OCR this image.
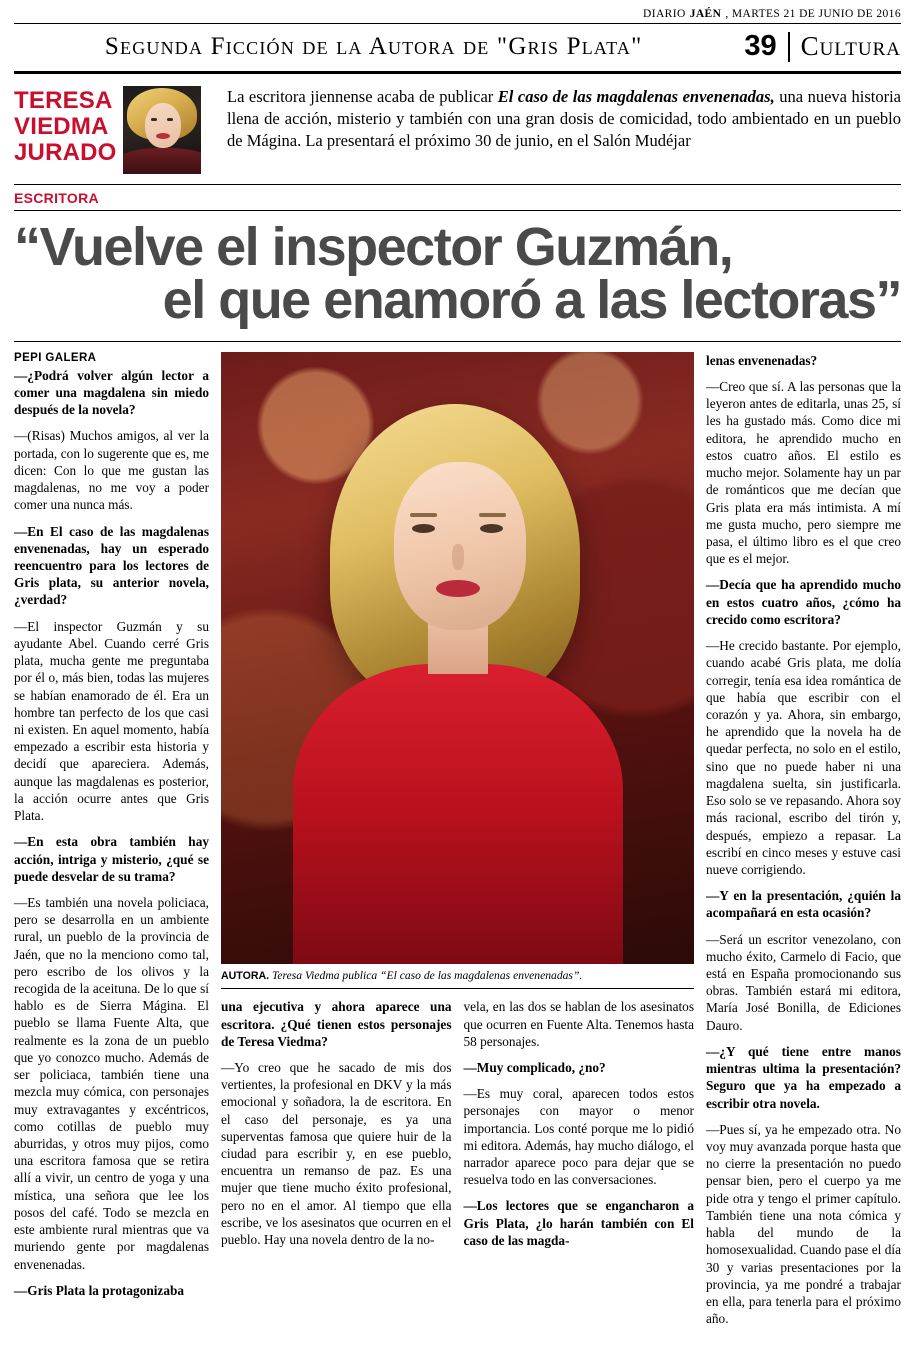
DIARIO JAÉN , MARTES 21 DE JUNIO DE 2016
Segunda Ficción de la Autora de "Gris Plata"	39 Cultura
TERESA
VIEDMA
JURADO

La escritora jiennense acaba de publicar El caso de las magdalenas envenenadas, una nueva historia llena de acción, misterio y también con una gran dosis de comicidad, todo ambientado en un pueblo de Mágina. La presentará el próximo 30 de junio, en el Salón Mudéjar

ESCRITORA
“Vuelve el inspector Guzmán,
el que enamoró a las lectoras”
PEPI GALERA

—¿Podrá volver algún lector a comer una magdalena sin miedo después de la novela?

—(Risas) Muchos amigos, al ver la portada, con lo sugerente que es, me dicen: Con lo que me gustan las magdalenas, no me voy a poder comer una nunca más.

—En El caso de las magdalenas envenenadas, hay un esperado reencuentro para los lectores de Gris plata, su anterior novela, ¿verdad?

—El inspector Guzmán y su ayudante Abel. Cuando cerré Gris plata, mucha gente me preguntaba por él o, más bien, todas las mujeres se habían enamorado de él. Era un hombre tan perfecto de los que casi ni existen. En aquel momento, había empezado a escribir esta historia y decidí que apareciera. Además, aunque las magdalenas es posterior, la acción ocurre antes que Gris Plata.

—En esta obra también hay acción, intriga y misterio, ¿qué se puede desvelar de su trama?

—Es también una novela policiaca, pero se desarrolla en un ambiente rural, un pueblo de la provincia de Jaén, que no la menciono como tal, pero escribo de los olivos y la recogida de la aceituna. De lo que sí hablo es de Sierra Mágina. El pueblo se llama Fuente Alta, que realmente es la zona de un pueblo que yo conozco mucho. Además de ser policiaca, también tiene una mezcla muy cómica, con personajes muy extravagantes y excéntricos, como cotillas de pueblo muy aburridas, y otros muy pijos, como una escritora famosa que se retira allí a vivir, un centro de yoga y una mística, una señora que lee los posos del café. Todo se mezcla en este ambiente rural mientras que va muriendo gente por magdalenas envenenadas.

—Gris Plata la protagonizaba

AUTORA. Teresa Viedma publica “El caso de las magdalenas envenenadas”.

una ejecutiva y ahora aparece una escritora. ¿Qué tienen estos personajes de Teresa Viedma?

—Yo creo que he sacado de mis dos vertientes, la profesional en DKV y la más emocional y soñadora, la de escritora. En el caso del personaje, es ya una superventas famosa que quiere huir de la ciudad para escribir y, en ese pueblo, encuentra un remanso de paz. Es una mujer que tiene mucho éxito profesional, pero no en el amor. Al tiempo que ella escribe, ve los asesinatos que ocurren en el pueblo. Hay una novela dentro de la no-

vela, en las dos se hablan de los asesinatos que ocurren en Fuente Alta. Tenemos hasta 58 personajes.

—Muy complicado, ¿no?

—Es muy coral, aparecen todos estos personajes con mayor o menor importancia. Los conté porque me lo pidió mi editora. Además, hay mucho diálogo, el narrador aparece poco para dejar que se resuelva todo en las conversaciones.

—Los lectores que se engancharon a Gris Plata, ¿lo harán también con El caso de las magda-

lenas envenenadas?

—Creo que sí. A las personas que la leyeron antes de editarla, unas 25, sí les ha gustado más. Como dice mi editora, he aprendido mucho en estos cuatro años. El estilo es mucho mejor. Solamente hay un par de románticos que me decían que Gris plata era más intimista. A mí me gusta mucho, pero siempre me pasa, el último libro es el que creo que es el mejor.

—Decía que ha aprendido mucho en estos cuatro años, ¿cómo ha crecido como escritora?

—He crecido bastante. Por ejemplo, cuando acabé Gris plata, me dolía corregir, tenía esa idea romántica de que había que escribir con el corazón y ya. Ahora, sin embargo, he aprendido que la novela ha de quedar perfecta, no solo en el estilo, sino que no puede haber ni una magdalena suelta, sin justificarla. Eso solo se ve repasando. Ahora soy más racional, escribo del tirón y, después, empiezo a repasar. La escribí en cinco meses y estuve casi nueve corrigiendo.

—Y en la presentación, ¿quién la acompañará en esta ocasión?

—Será un escritor venezolano, con mucho éxito, Carmelo di Facio, que está en España promocionando sus obras. También estará mi editora, María José Bonilla, de Ediciones Dauro.

—¿Y qué tiene entre manos mientras ultima la presentación? Seguro que ya ha empezado a escribir otra novela.

—Pues sí, ya he empezado otra. No voy muy avanzada porque hasta que no cierre la presentación no puedo pensar bien, pero el cuerpo ya me pide otra y tengo el primer capítulo. También tiene una nota cómica y habla del mundo de la homosexualidad. Cuando pase el día 30 y varias presentaciones por la provincia, ya me pondré a trabajar en ella, para tenerla para el próximo año.
